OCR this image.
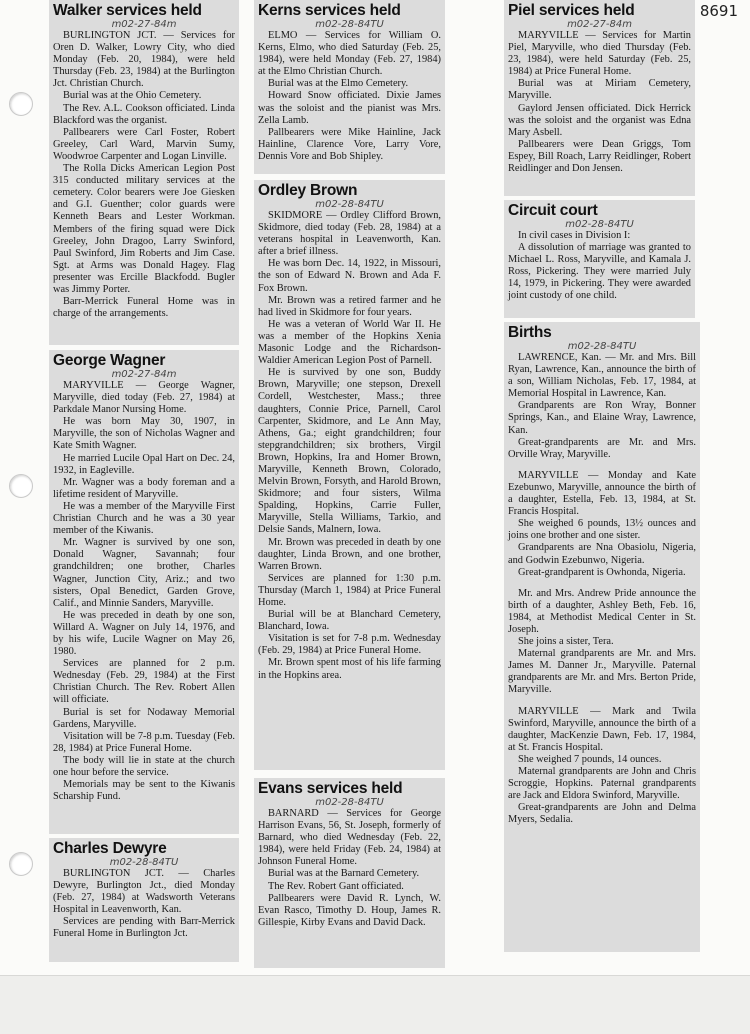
8691
Walker services held
m02-27-84m

BURLINGTON JCT. — Services for Oren D. Walker, Lowry City, who died Monday (Feb. 20, 1984), were held Thursday (Feb. 23, 1984) at the Burlington Jct. Christian Church.

Burial was at the Ohio Cemetery.

The Rev. A.L. Cookson officiated. Linda Blackford was the organist.

Pallbearers were Carl Foster, Robert Greeley, Carl Ward, Marvin Sumy, Woodwroe Carpenter and Logan Linville.

The Rolla Dicks American Legion Post 315 conducted military services at the cemetery. Color bearers were Joe Giesken and G.I. Guenther; color guards were Kenneth Bears and Lester Workman. Members of the firing squad were Dick Greeley, John Dragoo, Larry Swinford, Paul Swinford, Jim Roberts and Jim Case. Sgt. at Arms was Donald Hagey. Flag presenter was Ercille Blackfodd. Bugler was Jimmy Porter.

Barr-Merrick Funeral Home was in charge of the arrangements.

George Wagner
m02-27-84m

MARYVILLE — George Wagner, Maryville, died today (Feb. 27, 1984) at Parkdale Manor Nursing Home.

He was born May 30, 1907, in Maryville, the son of Nicholas Wagner and Kate Smith Wagner.

He married Lucile Opal Hart on Dec. 24, 1932, in Eagleville.

Mr. Wagner was a body foreman and a lifetime resident of Maryville.

He was a member of the Maryville First Christian Church and he was a 30 year member of the Kiwanis.

Mr. Wagner is survived by one son, Donald Wagner, Savannah; four grandchildren; one brother, Charles Wagner, Junction City, Ariz.; and two sisters, Opal Benedict, Garden Grove, Calif., and Minnie Sanders, Maryville.

He was preceded in death by one son, Willard A. Wagner on July 14, 1976, and by his wife, Lucile Wagner on May 26, 1980.

Services are planned for 2 p.m. Wednesday (Feb. 29, 1984) at the First Christian Church. The Rev. Robert Allen will officiate.

Burial is set for Nodaway Memorial Gardens, Maryville.

Visitation will be 7-8 p.m. Tuesday (Feb. 28, 1984) at Price Funeral Home.

The body will lie in state at the church one hour before the service.

Memorials may be sent to the Kiwanis Scharship Fund.

Charles Dewyre
m02-28-84TU

BURLINGTON JCT. — Charles Dewyre, Burlington Jct., died Monday (Feb. 27, 1984) at Wadsworth Veterans Hospital in Leavenworth, Kan.

Services are pending with Barr-Merrick Funeral Home in Burlington Jct.

Kerns services held
m02-28-84TU

ELMO — Services for William O. Kerns, Elmo, who died Saturday (Feb. 25, 1984), were held Monday (Feb. 27, 1984) at the Elmo Christian Church.

Burial was at the Elmo Cemetery.

Howard Snow officiated. Dixie James was the soloist and the pianist was Mrs. Zella Lamb.

Pallbearers were Mike Hainline, Jack Hainline, Clarence Vore, Larry Vore, Dennis Vore and Bob Shipley.

Ordley Brown
m02-28-84TU

SKIDMORE — Ordley Clifford Brown, Skidmore, died today (Feb. 28, 1984) at a veterans hospital in Leavenworth, Kan. after a brief illness.

He was born Dec. 14, 1922, in Missouri, the son of Edward N. Brown and Ada F. Fox Brown.

Mr. Brown was a retired farmer and he had lived in Skidmore for four years.

He was a veteran of World War II. He was a member of the Hopkins Xenia Masonic Lodge and the Richardson-Waldier American Legion Post of Parnell.

He is survived by one son, Buddy Brown, Maryville; one stepson, Drexell Cordell, Westchester, Mass.; three daughters, Connie Price, Parnell, Carol Carpenter, Skidmore, and Le Ann May, Athens, Ga.; eight grandchildren; four stepgrandchildren; six brothers, Virgil Brown, Hopkins, Ira and Homer Brown, Maryville, Kenneth Brown, Colorado, Melvin Brown, Forsyth, and Harold Brown, Skidmore; and four sisters, Wilma Spalding, Hopkins, Carrie Fuller, Maryville, Stella Williams, Tarkio, and Delsie Sands, Malnern, Iowa.

Mr. Brown was preceded in death by one daughter, Linda Brown, and one brother, Warren Brown.

Services are planned for 1:30 p.m. Thursday (March 1, 1984) at Price Funeral Home.

Burial will be at Blanchard Cemetery, Blanchard, Iowa.

Visitation is set for 7-8 p.m. Wednesday (Feb. 29, 1984) at Price Funeral Home.

Mr. Brown spent most of his life farming in the Hopkins area.

Evans services held
m02-28-84TU

BARNARD — Services for George Harrison Evans, 56, St. Joseph, formerly of Barnard, who died Wednesday (Feb. 22, 1984), were held Friday (Feb. 24, 1984) at Johnson Funeral Home.

Burial was at the Barnard Cemetery.

The Rev. Robert Gant officiated.

Pallbearers were David R. Lynch, W. Evan Rasco, Timothy D. Houp, James R. Gillespie, Kirby Evans and David Dack.

Piel services held
m02-27-84m

MARYVILLE — Services for Martin Piel, Maryville, who died Thursday (Feb. 23, 1984), were held Saturday (Feb. 25, 1984) at Price Funeral Home.

Burial was at Miriam Cemetery, Maryville.

Gaylord Jensen officiated. Dick Herrick was the soloist and the organist was Edna Mary Asbell.

Pallbearers were Dean Griggs, Tom Espey, Bill Roach, Larry Reidlinger, Robert Reidlinger and Don Jensen.

Circuit court
m02-28-84TU

In civil cases in Division I:

A dissolution of marriage was granted to Michael L. Ross, Maryville, and Kamala J. Ross, Pickering. They were married July 14, 1979, in Pickering. They were awarded joint custody of one child.

Births
m02-28-84TU

LAWRENCE, Kan. — Mr. and Mrs. Bill Ryan, Lawrence, Kan., announce the birth of a son, William Nicholas, Feb. 17, 1984, at Memorial Hospital in Lawrence, Kan.

Grandparents are Ron Wray, Bonner Springs, Kan., and Elaine Wray, Lawrence, Kan.

Great-grandparents are Mr. and Mrs. Orville Wray, Maryville.

MARYVILLE — Monday and Kate Ezebunwo, Maryville, announce the birth of a daughter, Estella, Feb. 13, 1984, at St. Francis Hospital.

She weighed 6 pounds, 13½ ounces and joins one brother and one sister.

Grandparents are Nna Obasiolu, Nigeria, and Godwin Ezebunwo, Nigeria.

Great-grandparent is Owhonda, Nigeria.

Mr. and Mrs. Andrew Pride announce the birth of a daughter, Ashley Beth, Feb. 16, 1984, at Methodist Medical Center in St. Joseph.

She joins a sister, Tera.

Maternal grandparents are Mr. and Mrs. James M. Danner Jr., Maryville. Paternal grandparents are Mr. and Mrs. Berton Pride, Maryville.

MARYVILLE — Mark and Twila Swinford, Maryville, announce the birth of a daughter, MacKenzie Dawn, Feb. 17, 1984, at St. Francis Hospital.

She weighed 7 pounds, 14 ounces.

Maternal grandparents are John and Chris Scroggie, Hopkins. Paternal grandparents are Jack and Eldora Swinford, Maryville.

Great-grandparents are John and Delma Myers, Sedalia.
